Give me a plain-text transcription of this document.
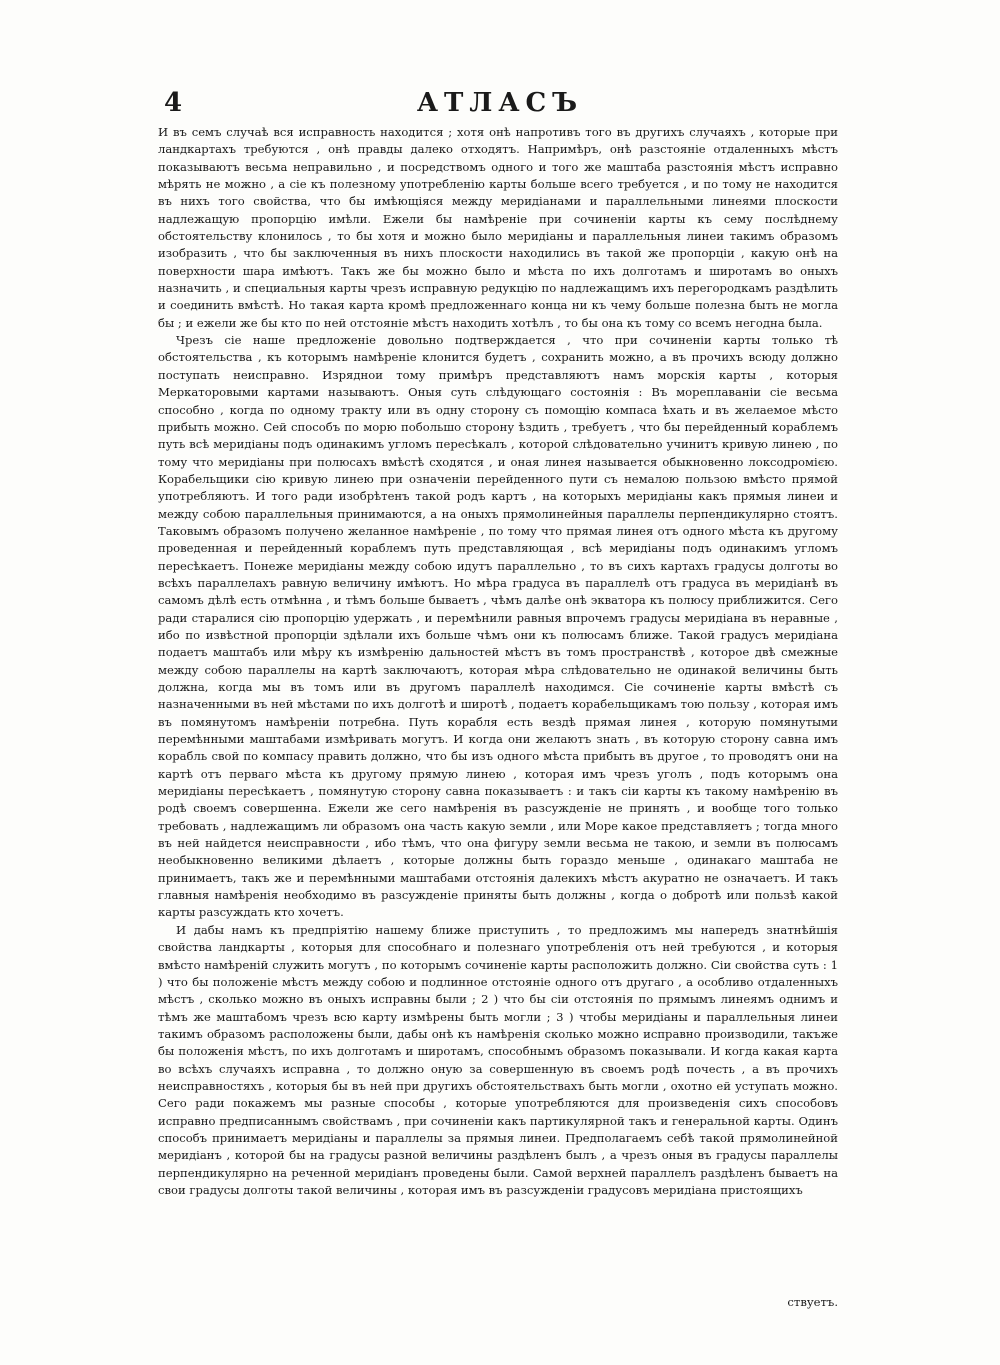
4	АТЛАСЪ

И въ семъ случаѣ вся исправность находится ; хотя онѣ напротивъ того въ другихъ случаяхъ , которые при ландкартахъ требуются , онѣ правды далеко отходятъ. Напримѣръ, онѣ разстояніе отдаленныхъ мѣстъ показываютъ весьма неправильно , и посредствомъ одного и того же маштаба разстоянія мѣстъ исправно мѣрять не можно , а сіе къ полезному употребленію карты больше всего требуется , и по тому не находится въ нихъ того свойства, что бы имѣющіяся между меридіанами и параллельными линеями плоскости надлежащую пропорцію имѣли. Ежели бы намѣреніе при сочиненіи карты къ сему послѣднему обстоятельству клонилось , то бы хотя и можно было меридіаны и параллельныя линеи такимъ образомъ изобразить , что бы заключенныя въ нихъ плоскости находились въ такой же пропорціи , какую онѣ на поверхности шара имѣютъ. Такъ же бы можно было и мѣста по ихъ долготамъ и широтамъ во оныхъ назначить , и специальныя карты чрезъ исправную редукцію по надлежащимъ ихъ перегородкамъ раздѣлить и соединить вмѣстѣ. Но такая карта кромѣ предложеннаго конца ни къ чему больше полезна быть не могла бы ; и ежели же бы кто по ней отстояніе мѣстъ находить хотѣлъ , то бы она къ тому со всемъ негодна была.

Чрезъ сіе наше предложеніе довольно подтверждается , что при сочиненіи карты только тѣ обстоятельства , къ которымъ намѣреніе клонится будетъ , сохранить можно, а въ прочихъ всюду должно поступать неисправно. Изряднои тому примѣръ представляютъ намъ морскія карты , которыя Меркаторовыми картами называютъ. Оныя суть слѣдующаго состоянія : Въ мореплаваніи сіе весьма способно , когда по одному тракту или въ одну сторону съ помощію компаса ѣхать и въ желаемое мѣсто прибыть можно. Сей способъ по морю побольшо сторону ѣздить , требуетъ , что бы перейденный кораблемъ путь всѣ меридіаны подъ одинакимъ угломъ пересѣкалъ , которой слѣдовательно учинитъ кривую линею , по тому что меридіаны при полюсахъ вмѣстѣ сходятся , и оная линея называется обыкновенно локсодромією. Корабельщики сію кривую линею при означеніи перейденного пути съ немалою пользою вмѣсто прямой употребляютъ. И того ради изобрѣтенъ такой родъ картъ , на которыхъ меридіаны какъ прямыя линеи и между собою параллельныя принимаются, а на оныхъ прямолинейныя параллелы перпендикулярно стоятъ. Таковымъ образомъ получено желанное намѣреніе , по тому что прямая линея отъ одного мѣста къ другому проведенная и перейденный кораблемъ путь представляющая , всѣ меридіаны подъ одинакимъ угломъ пересѣкаетъ. Понеже меридіаны между собою идутъ параллельно , то въ сихъ картахъ градусы долготы во всѣхъ параллелахъ равную величину имѣютъ. Но мѣра градуса въ параллелѣ отъ градуса въ меридіанѣ въ самомъ дѣлѣ есть отмѣнна , и тѣмъ больше бываетъ , чѣмъ далѣе онѣ экватора къ полюсу приближится. Сего ради старалися сію пропорцію удержать , и перемѣнили равныя впрочемъ градусы меридіана въ неравные , ибо по извѣстной пропорціи здѣлали ихъ больше чѣмъ они къ полюсамъ ближе. Такой градусъ меридіана подаетъ маштабъ или мѣру къ измѣренію дальностей мѣстъ въ томъ пространствѣ , которое двѣ смежные между собою параллелы на картѣ заключаютъ, которая мѣра слѣдовательно не одинакой величины быть должна, когда мы въ томъ или въ другомъ параллелѣ находимся. Сіе сочиненіе карты вмѣстѣ съ назначенными въ ней мѣстами по ихъ долготѣ и широтѣ , подаетъ корабельщикамъ тою пользу , которая имъ въ помянутомъ намѣреніи потребна. Путь корабля есть вездѣ прямая линея , которую помянутыми перемѣнными маштабами измѣривать могутъ. И когда они желаютъ знать , въ которую сторону савна имъ корабль свой по компасу править должно, что бы изъ одного мѣста прибыть въ другое , то проводятъ они на картѣ отъ перваго мѣста къ другому прямую линею , которая имъ чрезъ уголъ , подъ которымъ она меридіаны пересѣкаетъ , помянутую сторону савна показываетъ : и такъ сіи карты къ такому намѣренію въ родѣ своемъ совершенна. Ежели же сего намѣренія въ разсужденіе не принять , и вообще того только требовать , надлежащимъ ли образомъ она часть какую земли , или Море какое представляетъ ; тогда много въ ней найдется неисправности , ибо тѣмъ, что она фигуру земли весьма не такою, и земли въ полюсамъ необыкновенно великими дѣлаетъ , которые должны быть гораздо меньше , одинакаго маштаба не принимаетъ, такъ же и перемѣнными маштабами отстоянія далекихъ мѣстъ акуратно не означаетъ. И такъ главныя намѣренія необходимо въ разсужденіе приняты быть должны , когда о добротѣ или пользѣ какой карты разсуждать кто хочетъ.

И дабы намъ къ предпріятію нашему ближе приступить , то предложимъ мы напередъ знатнѣйшія свойства ландкарты , которыя для способнаго и полезнаго употребленія отъ ней требуются , и которыя вмѣсто намѣреній служить могутъ , по которымъ сочиненіе карты расположить должно. Сіи свойства суть : 1 ) что бы положеніе мѣстъ между собою и подлинное отстояніе одного отъ другаго , а особливо отдаленныхъ мѣстъ , сколько можно въ оныхъ исправны были ; 2 ) что бы сіи отстоянія по прямымъ линеямъ однимъ и тѣмъ же маштабомъ чрезъ всю карту измѣрены быть могли ; 3 ) чтобы меридіаны и параллельныя линеи такимъ образомъ расположены были, дабы онѣ къ намѣренія сколько можно исправно производили, такъже бы положенія мѣстъ, по ихъ долготамъ и широтамъ, способнымъ образомъ показывали. И когда какая карта во всѣхъ случаяхъ исправна , то должно оную за совершенную въ своемъ родѣ почесть , а въ прочихъ неисправностяхъ , которыя бы въ ней при другихъ обстоятельствахъ быть могли , охотно ей уступать можно. Сего ради покажемъ мы разные способы , которые употребляются для произведенія сихъ способовъ исправно предписаннымъ свойствамъ , при сочиненіи какъ партикулярной такъ и генеральной карты. Одинъ способъ принимаетъ меридіаны и параллелы за прямыя линеи. Предполагаемъ себѣ такой прямолинейной меридіанъ , которой бы на градусы разной величины раздѣленъ былъ , а чрезъ оныя въ градусы параллелы перпендикулярно на реченной меридіанъ проведены были. Самой верхней параллелъ раздѣленъ бываетъ на свои градусы долготы такой величины , которая имъ въ разсужденіи градусовъ меридіана пристоящихъ

ствуетъ.
